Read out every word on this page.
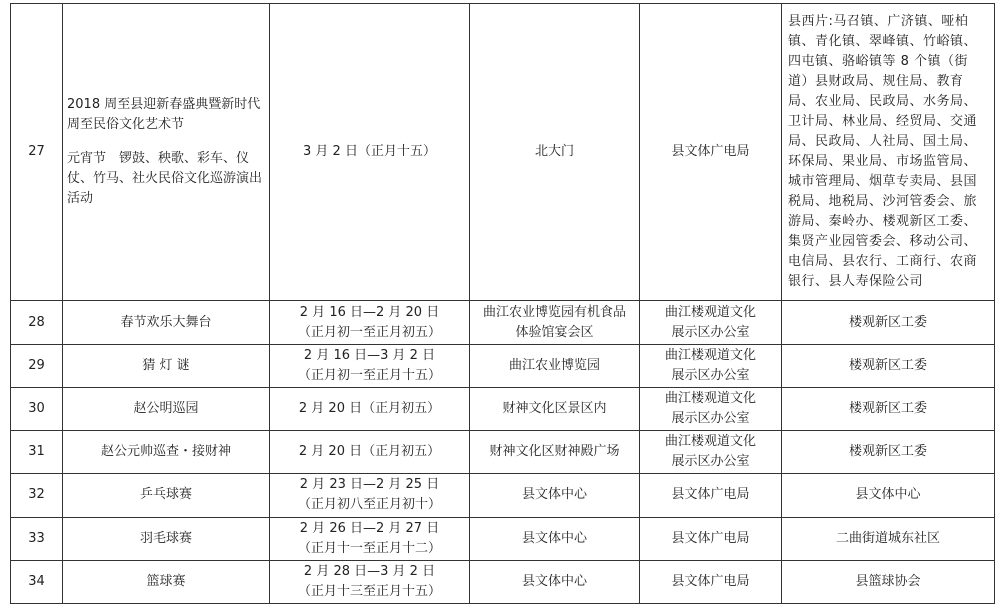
27	2018 周至县迎新春盛典暨新时代周至民俗文化艺术节
元宵节　锣鼓、秧歌、彩车、仪仗、竹马、社火民俗文化巡游演出活动	3 月 2 日（正月十五）	北大门	县文体广电局	县西片:马召镇、广济镇、哑柏镇、青化镇、翠峰镇、竹峪镇、四屯镇、骆峪镇等 8 个镇（街道）县财政局、规住局、教育局、农业局、民政局、水务局、卫计局、林业局、经贸局、交通局、民政局、人社局、国土局、环保局、果业局、市场监管局、城市管理局、烟草专卖局、县国税局、地税局、沙河管委会、旅游局、秦岭办、楼观新区工委、集贤产业园管委会、移动公司、电信局、县农行、工商行、农商银行、县人寿保险公司

28	春节欢乐大舞台	2 月 16 日—2 月 20 日
（正月初一至正月初五）	曲江农业博览园有机食品
体验馆宴会区	曲江楼观道文化
展示区办公室	楼观新区工委
29	猜 灯 谜	2 月 16 日—3 月 2 日
（正月初一至正月十五）	曲江农业博览园	曲江楼观道文化
展示区办公室	楼观新区工委
30	赵公明巡园	2 月 20 日（正月初五）	财神文化区景区内	曲江楼观道文化
展示区办公室	楼观新区工委
31	赵公元帅巡查・接财神	2 月 20 日（正月初五）	财神文化区财神殿广场	曲江楼观道文化
展示区办公室	楼观新区工委
32	乒乓球赛	2 月 23 日—2 月 25 日
（正月初八至正月初十）	县文体中心	县文体广电局	县文体中心
33	羽毛球赛	2 月 26 日—2 月 27 日
（正月十一至正月十二）	县文体中心	县文体广电局	二曲街道城东社区
34	篮球赛	2 月 28 日—3 月 2 日
（正月十三至正月十五）	县文体中心	县文体广电局	县篮球协会
